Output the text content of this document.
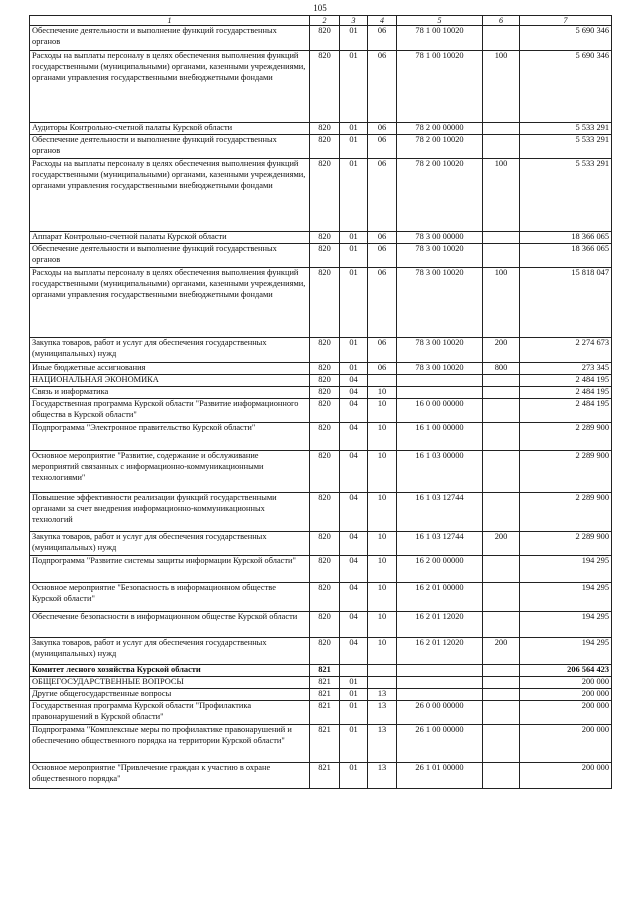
105
1	2	3	4	5	6	7
Обеспечение деятельности и выполнение функций государственных органов	820	01	06	78 1 00 10020		5 690 346
Расходы на выплаты персоналу в целях обеспечения выполнения функций государственными (муниципальными) органами, казенными учреждениями, органами управления государственными внебюджетными фондами	820	01	06	78 1 00 10020	100	5 690 346
Аудиторы Контрольно-счетной палаты Курской области	820	01	06	78 2 00 00000		5 533 291
Обеспечение деятельности и выполнение функций государственных органов	820	01	06	78 2 00 10020		5 533 291
Расходы на выплаты персоналу в целях обеспечения выполнения функций государственными (муниципальными) органами, казенными учреждениями, органами управления государственными внебюджетными фондами	820	01	06	78 2 00 10020	100	5 533 291
Аппарат Контрольно-счетной палаты Курской области	820	01	06	78 3 00 00000		18 366 065
Обеспечение деятельности и выполнение функций государственных органов	820	01	06	78 3 00 10020		18 366 065
Расходы на выплаты персоналу в целях обеспечения выполнения функций государственными (муниципальными) органами, казенными учреждениями, органами управления государственными внебюджетными фондами	820	01	06	78 3 00 10020	100	15 818 047
Закупка товаров, работ и услуг для обеспечения государственных (муниципальных) нужд	820	01	06	78 3 00 10020	200	2 274 673
Иные бюджетные ассигнования	820	01	06	78 3 00 10020	800	273 345
НАЦИОНАЛЬНАЯ ЭКОНОМИКА	820	04				2 484 195
Связь и информатика	820	04	10			2 484 195
Государственная программа Курской области "Развитие информационного общества в Курской области"	820	04	10	16 0 00 00000		2 484 195
Подпрограмма "Электронное правительство Курской области"	820	04	10	16 1 00 00000		2 289 900
Основное мероприятие "Развитие, содержание и обслуживание мероприятий связанных с информационно-коммуникационными технологиями"	820	04	10	16 1 03 00000		2 289 900
Повышение эффективности реализации функций государственными органами за счет внедрения информационно-коммуникационных технологий	820	04	10	16 1 03 12744		2 289 900
Закупка товаров, работ и услуг для обеспечения государственных (муниципальных) нужд	820	04	10	16 1 03 12744	200	2 289 900
Подпрограмма "Развитие системы защиты информации Курской области"	820	04	10	16 2 00 00000		194 295
Основное мероприятие "Безопасность в информационном обществе Курской области"	820	04	10	16 2 01 00000		194 295
Обеспечение безопасности в информационном обществе Курской области	820	04	10	16 2 01 12020		194 295
Закупка товаров, работ и услуг для обеспечения государственных (муниципальных) нужд	820	04	10	16 2 01 12020	200	194 295
Комитет лесного хозяйства Курской области	821					206 564 423
ОБЩЕГОСУДАРСТВЕННЫЕ ВОПРОСЫ	821	01				200 000
Другие общегосударственные вопросы	821	01	13			200 000
Государственная программа Курской области "Профилактика правонарушений в Курской области"	821	01	13	26 0 00 00000		200 000
Подпрограмма "Комплексные меры по профилактике правонарушений и обеспечению общественного порядка на территории Курской области"	821	01	13	26 1 00 00000		200 000
Основное мероприятие "Привлечение граждан к участию в охране общественного порядка"	821	01	13	26 1 01 00000		200 000
